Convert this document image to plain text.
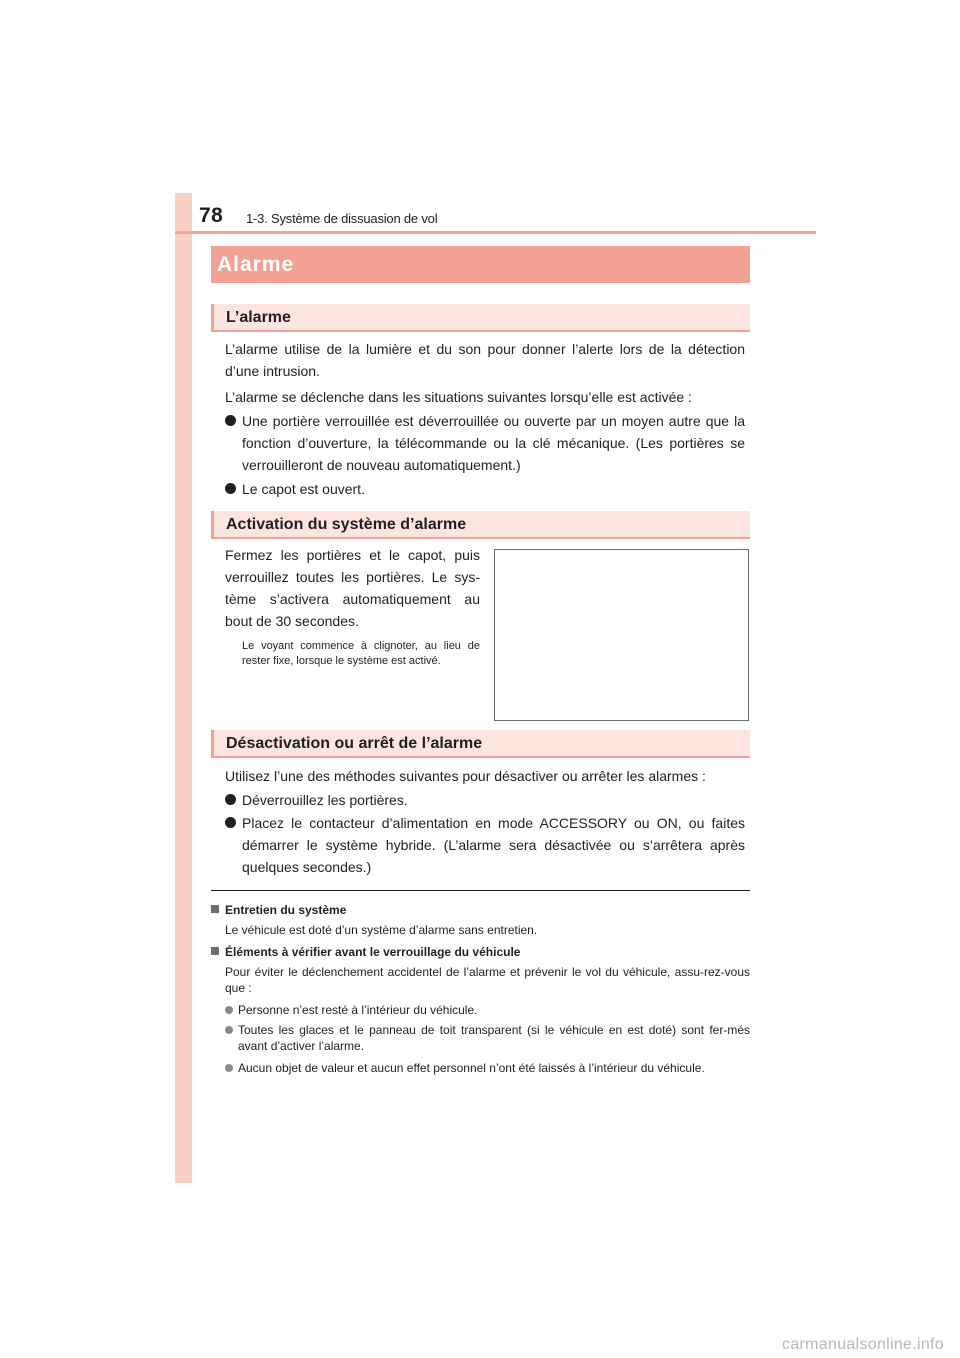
78 1-3. Système de dissuasion de vol
Alarme
L’alarme
L’alarme utilise de la lumière et du son pour donner l’alerte lors de la détection d’une intrusion.
L’alarme se déclenche dans les situations suivantes lorsqu’elle est activée :
Une portière verrouillée est déverrouillée ou ouverte par un moyen autre que la fonction d’ouverture, la télécommande ou la clé mécanique. (Les portières se verrouilleront de nouveau automatiquement.)
Le capot est ouvert.
Activation du système d’alarme
Fermez les portières et le capot, puis verrouillez toutes les portières. Le sys-tème s’activera automatiquement au bout de 30 secondes.
Le voyant commence à clignoter, au lieu de rester fixe, lorsque le système est activé.
Désactivation ou arrêt de l’alarme
Utilisez l’une des méthodes suivantes pour désactiver ou arrêter les alarmes :
Déverrouillez les portières.
Placez le contacteur d’alimentation en mode ACCESSORY ou ON, ou faites démarrer le système hybride. (L’alarme sera désactivée ou s’arrêtera après quelques secondes.)
Entretien du système
Le véhicule est doté d’un système d’alarme sans entretien.
Éléments à vérifier avant le verrouillage du véhicule
Pour éviter le déclenchement accidentel de l’alarme et prévenir le vol du véhicule, assu-rez-vous que :
Personne n’est resté à l’intérieur du véhicule.
Toutes les glaces et le panneau de toit transparent (si le véhicule en est doté) sont fer-més avant d’activer l’alarme.
Aucun objet de valeur et aucun effet personnel n’ont été laissés à l’intérieur du véhicule.
carmanualsonline.info
